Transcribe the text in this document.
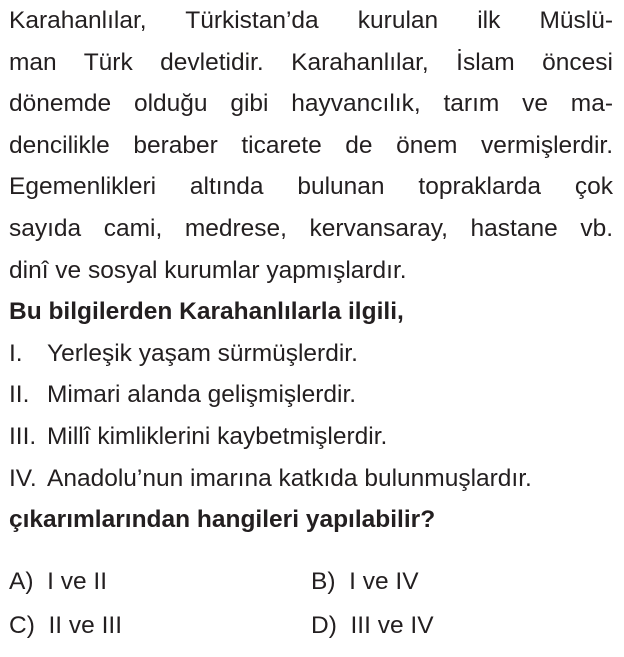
Karahanlılar, Türkistan’da kurulan ilk Müslü-
man Türk devletidir. Karahanlılar, İslam öncesi
dönemde olduğu gibi hayvancılık, tarım ve ma-
dencilikle beraber ticarete de önem vermişlerdir.
Egemenlikleri altında bulunan topraklarda çok
sayıda cami, medrese, kervansaray, hastane vb.
dinî ve sosyal kurumlar yapmışlardır.
Bu bilgilerden Karahanlılarla ilgili,
I. Yerleşik yaşam sürmüşlerdir.
II. Mimari alanda gelişmişlerdir.
III. Millî kimliklerini kaybetmişlerdir.
IV. Anadolu’nun imarına katkıda bulunmuşlardır.
çıkarımlarından hangileri yapılabilir?
A)  I ve II	B)  I ve IV
C)  II ve III	D)  III ve IV
